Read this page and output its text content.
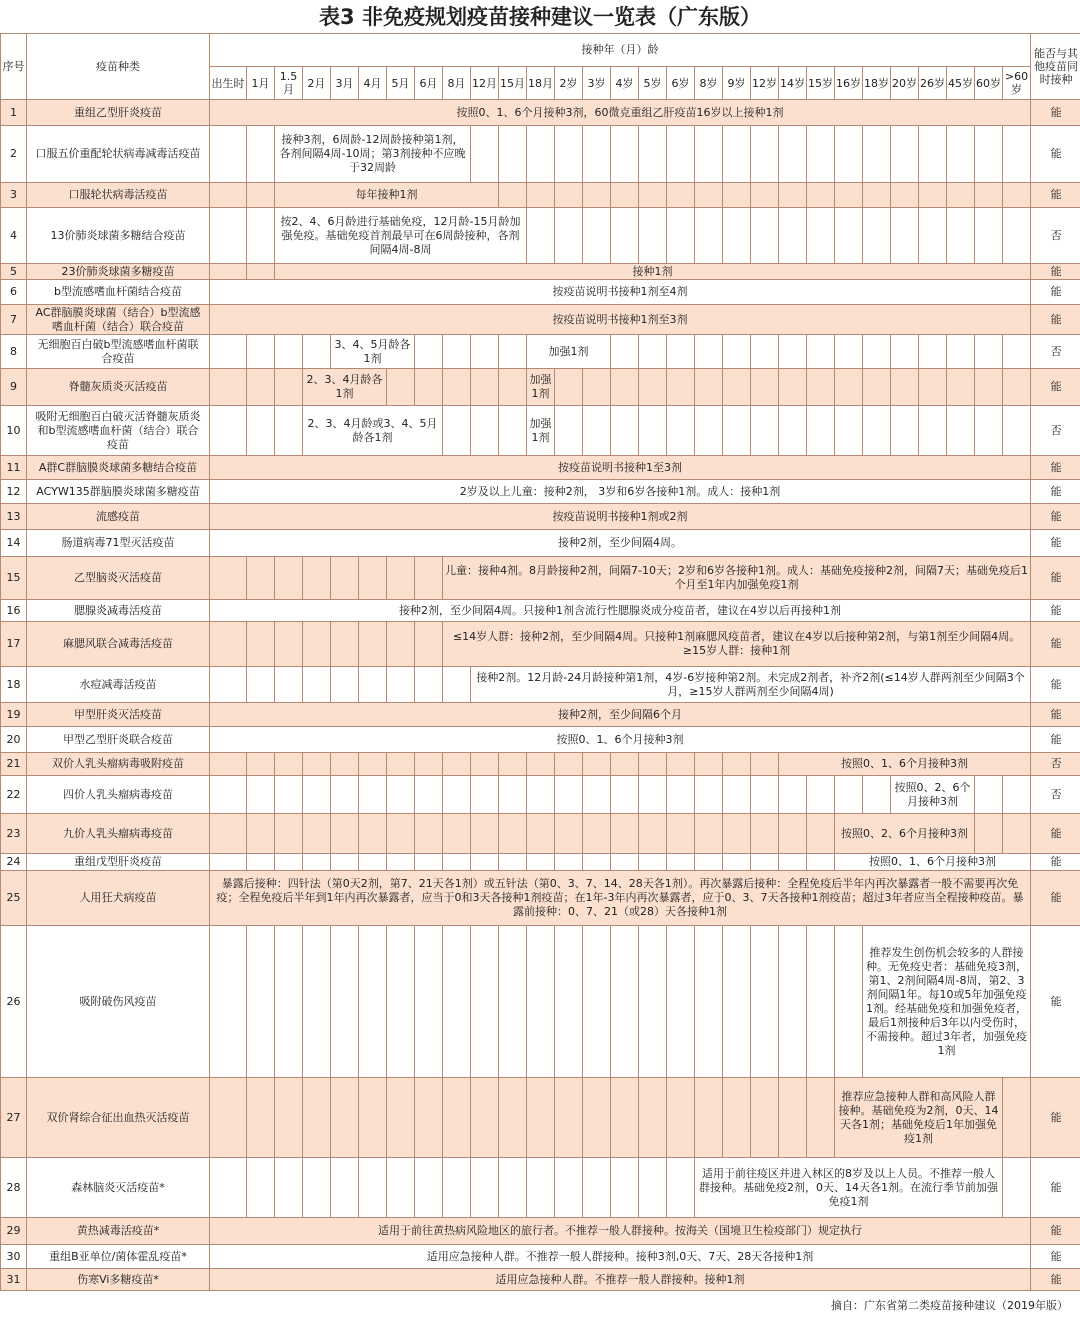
表3 非免疫规划疫苗接种建议一览表（广东版）
序号	疫苗种类	接种年（月）龄																													能否与其他疫苗同时接种
		出生时	1月	1.5月	2月	3月	4月	5月	6月	8月	12月	15月	18月	2岁	3岁	4岁	5岁	6岁	8岁	9岁	12岁	14岁	15岁	16岁	18岁	20岁	26岁	45岁	60岁	>60岁	
1	重组乙型肝炎疫苗	按照0、1、6个月接种3剂，60微克重组乙肝疫苗16岁以上接种1剂																													能
2	口服五价重配轮状病毒减毒活疫苗			接种3剂，6周龄-12周龄接种第1剂，各剂间隔4周-10周；第3剂接种不应晚于32周龄																											能
3	口服轮状病毒活疫苗			每年接种1剂																											能
4	13价肺炎球菌多糖结合疫苗			按2、4、6月龄进行基础免疫，12月龄-15月龄加强免疫。基础免疫首剂最早可在6周龄接种，各剂间隔4周-8周																											否
5	23价肺炎球菌多糖疫苗			接种1剂																											能
6	b型流感嗜血杆菌结合疫苗	按疫苗说明书接种1剂至4剂																													能
7	AC群脑膜炎球菌（结合）b型流感嗜血杆菌（结合）联合疫苗	按疫苗说明书接种1剂至3剂																													能
8	无细胞百白破b型流感嗜血杆菌联合疫苗					3、4、5月龄各1剂							加强1剂																		否
9	脊髓灰质炎灭活疫苗				2、3、4月龄各1剂								加强1剂																		能
10	吸附无细胞百白破灭活脊髓灰质炎和b型流感嗜血杆菌（结合）联合疫苗				2、3、4月龄或3、4、5月龄各1剂								加强1剂																		否
11	A群C群脑膜炎球菌多糖结合疫苗	按疫苗说明书接种1至3剂																													能
12	ACYW135群脑膜炎球菌多糖疫苗	2岁及以上儿童：接种2剂， 3岁和6岁各接种1剂。成人：接种1剂																													能
13	流感疫苗	按疫苗说明书接种1剂或2剂																													能
14	肠道病毒71型灭活疫苗	接种2剂，至少间隔4周。																													能
15	乙型脑炎灭活疫苗									儿童：接种4剂。8月龄接种2剂，间隔7-10天；2岁和6岁各接种1剂。成人：基础免疫接种2剂，间隔7天；基础免疫后1个月至1年内加强免疫1剂																					能
16	腮腺炎减毒活疫苗	接种2剂，至少间隔4周。只接种1剂含流行性腮腺炎成分疫苗者，建议在4岁以后再接种1剂																													能
17	麻腮风联合减毒活疫苗									≤14岁人群：接种2剂，至少间隔4周。只接种1剂麻腮风疫苗者，建议在4岁以后接种第2剂，与第1剂至少间隔4周。≥15岁人群：接种1剂																					能
18	水痘减毒活疫苗										接种2剂。12月龄-24月龄接种第1剂，4岁-6岁接种第2剂。未完成2剂者，补齐2剂(≤14岁人群两剂至少间隔3个月，≥15岁人群两剂至少间隔4周)																				能
19	甲型肝炎灭活疫苗	接种2剂，至少间隔6个月																													能
20	甲型乙型肝炎联合疫苗	按照0、1、6个月接种3剂																													能
21	双价人乳头瘤病毒吸附疫苗																					按照0、1、6个月接种3剂									否
22	四价人乳头瘤病毒疫苗																									按照0、2、6个月接种3剂					否
23	九价人乳头瘤病毒疫苗																							按照0、2、6个月接种3剂							能
24	重组戊型肝炎疫苗																							按照0、1、6个月接种3剂							能
25	人用狂犬病疫苗	暴露后接种：四针法（第0天2剂，第7、21天各1剂）或五针法（第0、3、7、14、28天各1剂）。再次暴露后接种：全程免疫后半年内再次暴露者一般不需要再次免疫；全程免疫后半年到1年内再次暴露者，应当于0和3天各接种1剂疫苗；在1年-3年内再次暴露者，应于0、3、7天各接种1剂疫苗；超过3年者应当全程接种疫苗。暴露前接种：0、7、21（或28）天各接种1剂																													能
26	吸附破伤风疫苗																								推荐发生创伤机会较多的人群接种。无免疫史者：基础免疫3剂，第1、2剂间隔4周-8周，第2、3剂间隔1年。每10或5年加强免疫1剂。经基础免疫和加强免疫者，最后1剂接种后3年以内受伤时，不需接种。超过3年者，加强免疫1剂						能
27	双价肾综合征出血热灭活疫苗																							推荐应急接种人群和高风险人群接种。基础免疫为2剂，0天、14天各1剂；基础免疫后1年加强免疫1剂							能
28	森林脑炎灭活疫苗*																		适用于前往疫区并进入林区的8岁及以上人员。不推荐一般人群接种。基础免疫2剂，0天、14天各1剂。在流行季节前加强免疫1剂												能
29	黄热减毒活疫苗*	适用于前往黄热病风险地区的旅行者。不推荐一般人群接种。按海关（国境卫生检疫部门）规定执行																													能
30	重组B亚单位/菌体霍乱疫苗*	适用应急接种人群。不推荐一般人群接种。接种3剂,0天、7天、28天各接种1剂																													能
31	伤寒Vi多糖疫苗*	适用应急接种人群。不推荐一般人群接种。接种1剂																													能
摘自：广东省第二类疫苗接种建议（2019年版）
